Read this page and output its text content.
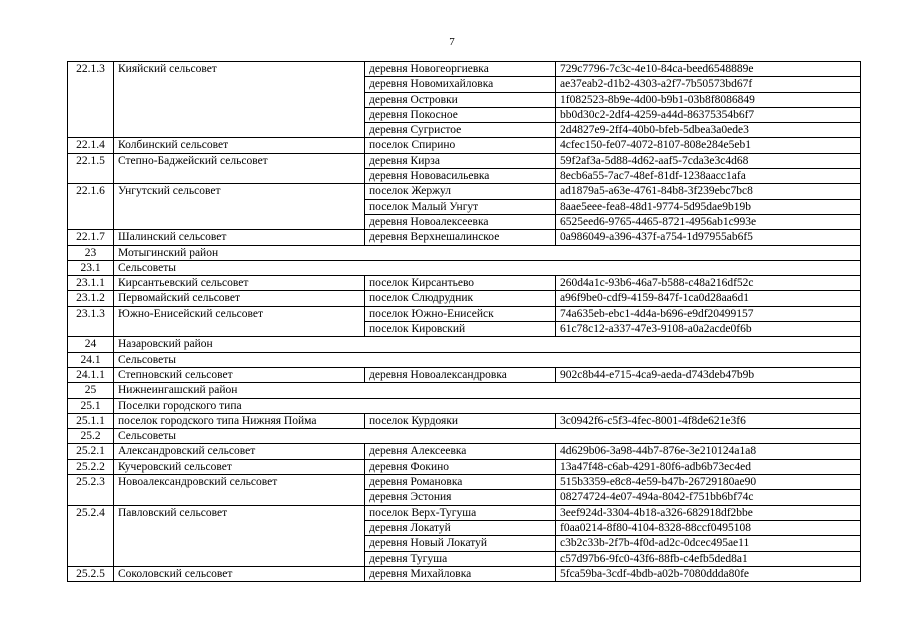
7
22.1.3	Кияйский сельсовет	деревня Новогеоргиевка	729c7796-7c3c-4e10-84ca-beed6548889e
		деревня Новомихайловка	ae37eab2-d1b2-4303-a2f7-7b50573bd67f
		деревня Островки	1f082523-8b9e-4d00-b9b1-03b8f8086849
		деревня Покосное	bb0d30c2-2df4-4259-a44d-86375354b6f7
		деревня Сугристое	2d4827e9-2ff4-40b0-bfeb-5dbea3a0ede3
22.1.4	Колбинский сельсовет	поселок Спирино	4cfec150-fe07-4072-8107-808e284e5eb1
22.1.5	Степно-Баджейский сельсовет	деревня Кирза	59f2af3a-5d88-4d62-aaf5-7cda3e3c4d68
		деревня Нововасильевка	8ecb6a55-7ac7-48ef-81df-1238aacc1afa
22.1.6	Унгутский сельсовет	поселок Жержул	ad1879a5-a63e-4761-84b8-3f239ebc7bc8
		поселок Малый Унгут	8aae5eee-fea8-48d1-9774-5d95dae9b19b
		деревня Новоалексеевка	6525eed6-9765-4465-8721-4956ab1c993e
22.1.7	Шалинский сельсовет	деревня Верхнешалинское	0a986049-a396-437f-a754-1d97955ab6f5
23	Мотыгинский район		
23.1	Сельсоветы		
23.1.1	Кирсантьевский сельсовет	поселок Кирсантьево	260d4a1c-93b6-46a7-b588-c48a216df52c
23.1.2	Первомайский сельсовет	поселок Слюдрудник	a96f9be0-cdf9-4159-847f-1ca0d28aa6d1
23.1.3	Южно-Енисейский сельсовет	поселок Южно-Енисейск	74a635eb-ebc1-4d4a-b696-e9df20499157
		поселок Кировский	61c78c12-a337-47e3-9108-a0a2acde0f6b
24	Назаровский район		
24.1	Сельсоветы		
24.1.1	Степновский сельсовет	деревня Новоалександровка	902c8b44-e715-4ca9-aeda-d743deb47b9b
25	Нижнеингашский район		
25.1	Поселки городского типа		
25.1.1	поселок городского типа Нижняя Пойма	поселок Курдояки	3c0942f6-c5f3-4fec-8001-4f8de621e3f6
25.2	Сельсоветы		
25.2.1	Александровский сельсовет	деревня Алексеевка	4d629b06-3a98-44b7-876e-3e210124a1a8
25.2.2	Кучеровский сельсовет	деревня Фокино	13a47f48-c6ab-4291-80f6-adb6b73ec4ed
25.2.3	Новоалександровский сельсовет	деревня Романовка	515b3359-e8c8-4e59-b47b-26729180ae90
		деревня Эстония	08274724-4e07-494a-8042-f751bb6bf74c
25.2.4	Павловский сельсовет	поселок Верх-Тугуша	3eef924d-3304-4b18-a326-682918df2bbe
		деревня Локатуй	f0aa0214-8f80-4104-8328-88ccf0495108
		деревня Новый Локатуй	c3b2c33b-2f7b-4f0d-ad2c-0dcec495ae11
		деревня Тугуша	c57d97b6-9fc0-43f6-88fb-c4efb5ded8a1
25.2.5	Соколовский сельсовет	деревня Михайловка	5fca59ba-3cdf-4bdb-a02b-7080ddda80fe
